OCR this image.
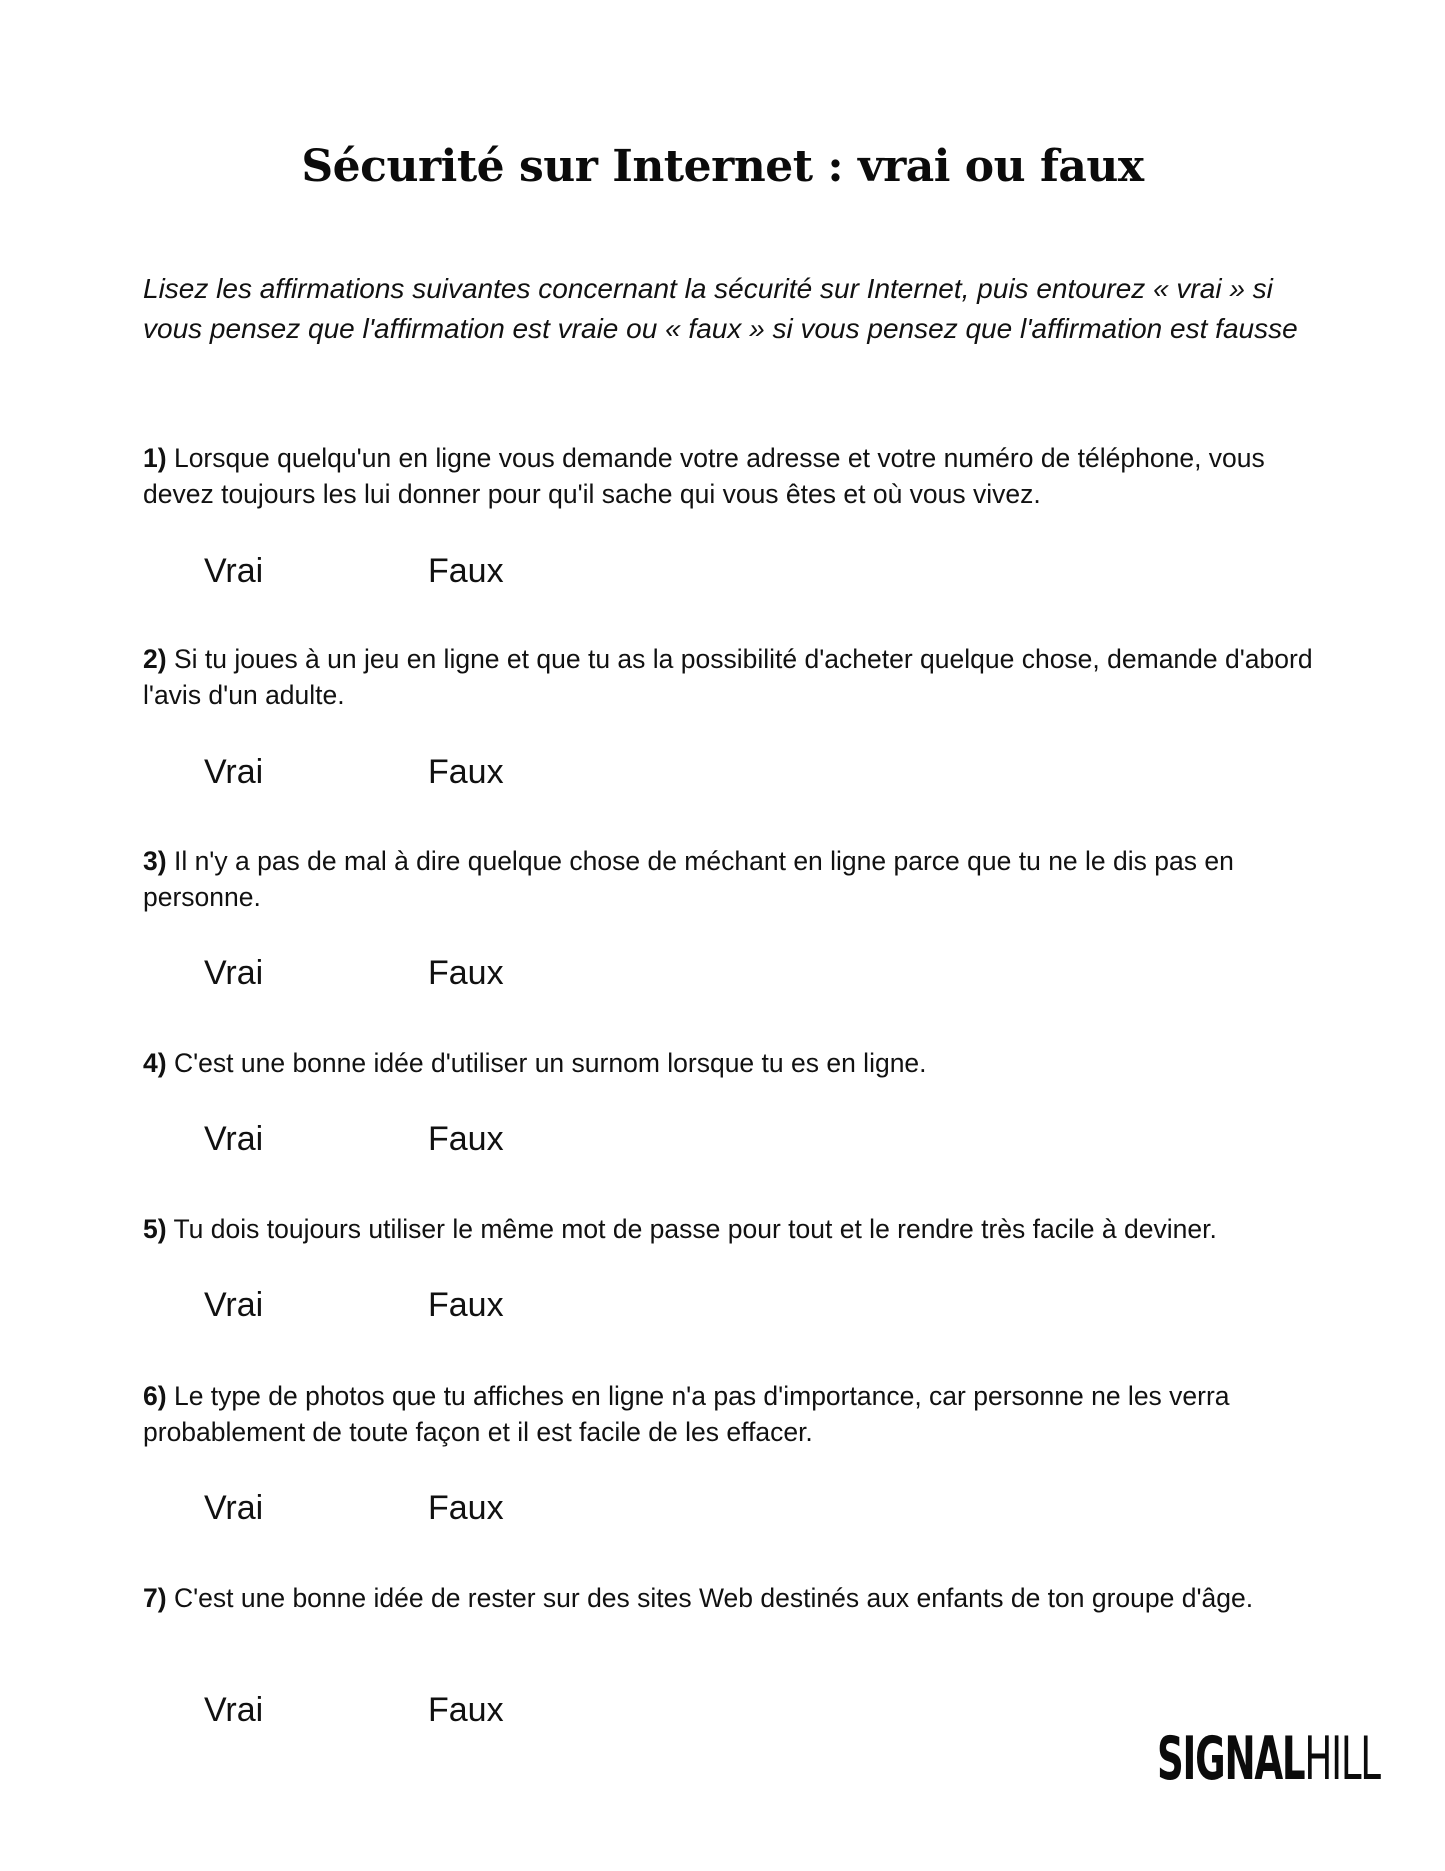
Sécurité sur Internet : vrai ou faux

Lisez les affirmations suivantes concernant la sécurité sur Internet, puis entourez « vrai » si vous pensez que l'affirmation est vraie ou « faux » si vous pensez que l'affirmation est fausse

1) Lorsque quelqu'un en ligne vous demande votre adresse et votre numéro de téléphone, vous devez toujours les lui donner pour qu'il sache qui vous êtes et où vous vivez.

Vrai	Faux

2) Si tu joues à un jeu en ligne et que tu as la possibilité d'acheter quelque chose, demande d'abord l'avis d'un adulte.

Vrai	Faux

3) Il n'y a pas de mal à dire quelque chose de méchant en ligne parce que tu ne le dis pas en personne.

Vrai	Faux

4) C'est une bonne idée d'utiliser un surnom lorsque tu es en ligne.

Vrai	Faux

5) Tu dois toujours utiliser le même mot de passe pour tout et le rendre très facile à deviner.

Vrai	Faux

6) Le type de photos que tu affiches en ligne n'a pas d'importance, car personne ne les verra probablement de toute façon et il est facile de les effacer.

Vrai	Faux

7) C'est une bonne idée de rester sur des sites Web destinés aux enfants de ton groupe d'âge.

Vrai	Faux
SIGNALHILL
